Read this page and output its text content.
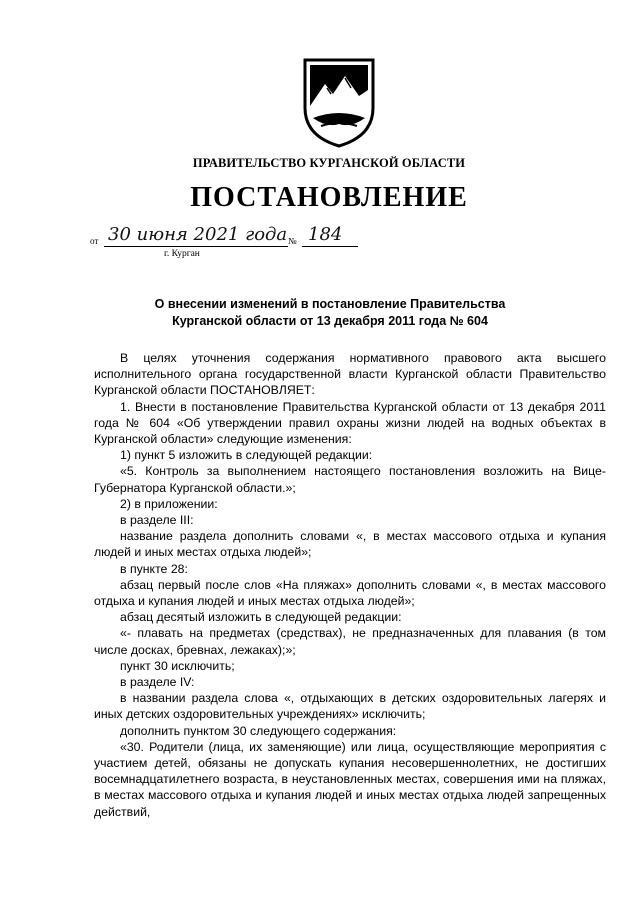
ПРАВИТЕЛЬСТВО КУРГАНСКОЙ ОБЛАСТИ
ПОСТАНОВЛЕНИЕ
от 30 июня 2021 года № 184
г. Курган
О внесении изменений в постановление Правительства
Курганской области от 13 декабря 2011 года № 604

В целях уточнения содержания нормативного правового акта высшего исполнительного органа государственной власти Курганской области Правительство Курганской области ПОСТАНОВЛЯЕТ:

1. Внести в постановление Правительства Курганской области от 13 декабря 2011 года № 604 «Об утверждении правил охраны жизни людей на водных объектах в Курганской области» следующие изменения:

1) пункт 5 изложить в следующей редакции:

«5. Контроль за выполнением настоящего постановления возложить на Вице-Губернатора Курганской области.»;

2) в приложении:

в разделе III:

название раздела дополнить словами «, в местах массового отдыха и купания людей и иных местах отдыха людей»;

в пункте 28:

абзац первый после слов «На пляжах» дополнить словами «, в местах массового отдыха и купания людей и иных местах отдыха людей»;

абзац десятый изложить в следующей редакции:

«- плавать на предметах (средствах), не предназначенных для плавания (в том числе досках, бревнах, лежаках);»;

пункт 30 исключить;

в разделе IV:

в названии раздела слова «, отдыхающих в детских оздоровительных лагерях и иных детских оздоровительных учреждениях» исключить;

дополнить пунктом 30 следующего содержания:

«30. Родители (лица, их заменяющие) или лица, осуществляющие мероприятия с участием детей, обязаны не допускать купания несовершеннолетних, не достигших восемнадцатилетнего возраста, в неустановленных местах, совершения ими на пляжах, в местах массового отдыха и купания людей и иных местах отдыха людей запрещенных действий,
